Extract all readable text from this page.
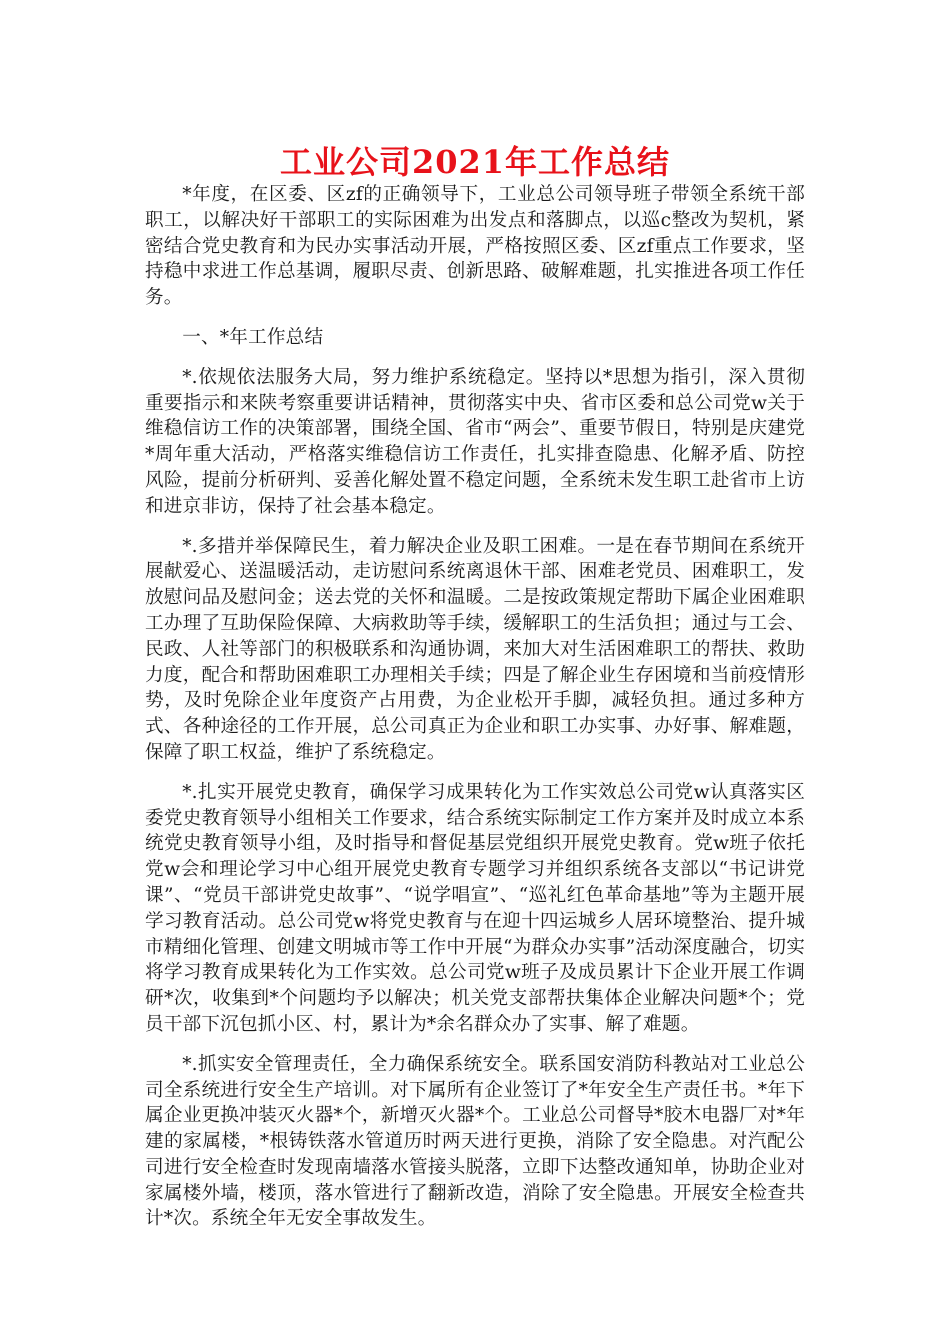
工业公司2021年工作总结

*年度，在区委、区zf的正确领导下，工业总公司领导班子带领全系统干部职工，以解决好干部职工的实际困难为出发点和落脚点，以巡c整改为契机，紧密结合党史教育和为民办实事活动开展，严格按照区委、区zf重点工作要求，坚持稳中求进工作总基调，履职尽责、创新思路、破解难题，扎实推进各项工作任务。

一、*年工作总结

*.依规依法服务大局，努力维护系统稳定。坚持以*思想为指引，深入贯彻重要指示和来陕考察重要讲话精神，贯彻落实中央、省市区委和总公司党w关于维稳信访工作的决策部署，围绕全国、省市“两会”、重要节假日，特别是庆建党*周年重大活动，严格落实维稳信访工作责任，扎实排查隐患、化解矛盾、防控风险，提前分析研判、妥善化解处置不稳定问题，全系统未发生职工赴省市上访和进京非访，保持了社会基本稳定。

*.多措并举保障民生，着力解决企业及职工困难。一是在春节期间在系统开展献爱心、送温暖活动，走访慰问系统离退休干部、困难老党员、困难职工，发放慰问品及慰问金；送去党的关怀和温暖。二是按政策规定帮助下属企业困难职工办理了互助保险保障、大病救助等手续，缓解职工的生活负担；通过与工会、民政、人社等部门的积极联系和沟通协调，来加大对生活困难职工的帮扶、救助力度，配合和帮助困难职工办理相关手续；四是了解企业生存困境和当前疫情形势，及时免除企业年度资产占用费，为企业松开手脚，减轻负担。通过多种方式、各种途径的工作开展，总公司真正为企业和职工办实事、办好事、解难题，保障了职工权益，维护了系统稳定。

*.扎实开展党史教育，确保学习成果转化为工作实效总公司党w认真落实区委党史教育领导小组相关工作要求，结合系统实际制定工作方案并及时成立本系统党史教育领导小组，及时指导和督促基层党组织开展党史教育。党w班子依托党w会和理论学习中心组开展党史教育专题学习并组织系统各支部以“书记讲党课”、“党员干部讲党史故事”、“说学唱宣”、“巡礼红色革命基地”等为主题开展学习教育活动。总公司党w将党史教育与在迎十四运城乡人居环境整治、提升城市精细化管理、创建文明城市等工作中开展“为群众办实事”活动深度融合，切实将学习教育成果转化为工作实效。总公司党w班子及成员累计下企业开展工作调研*次，收集到*个问题均予以解决；机关党支部帮扶集体企业解决问题*个；党员干部下沉包抓小区、村，累计为*余名群众办了实事、解了难题。

*.抓实安全管理责任，全力确保系统安全。联系国安消防科教站对工业总公司全系统进行安全生产培训。对下属所有企业签订了*年安全生产责任书。*年下属企业更换冲装灭火器*个，新增灭火器*个。工业总公司督导*胶木电器厂对*年建的家属楼，*根铸铁落水管道历时两天进行更换，消除了安全隐患。对汽配公司进行安全检查时发现南墙落水管接头脱落，立即下达整改通知单，协助企业对家属楼外墙，楼顶，落水管进行了翻新改造，消除了安全隐患。开展安全检查共计*次。系统全年无安全事故发生。
